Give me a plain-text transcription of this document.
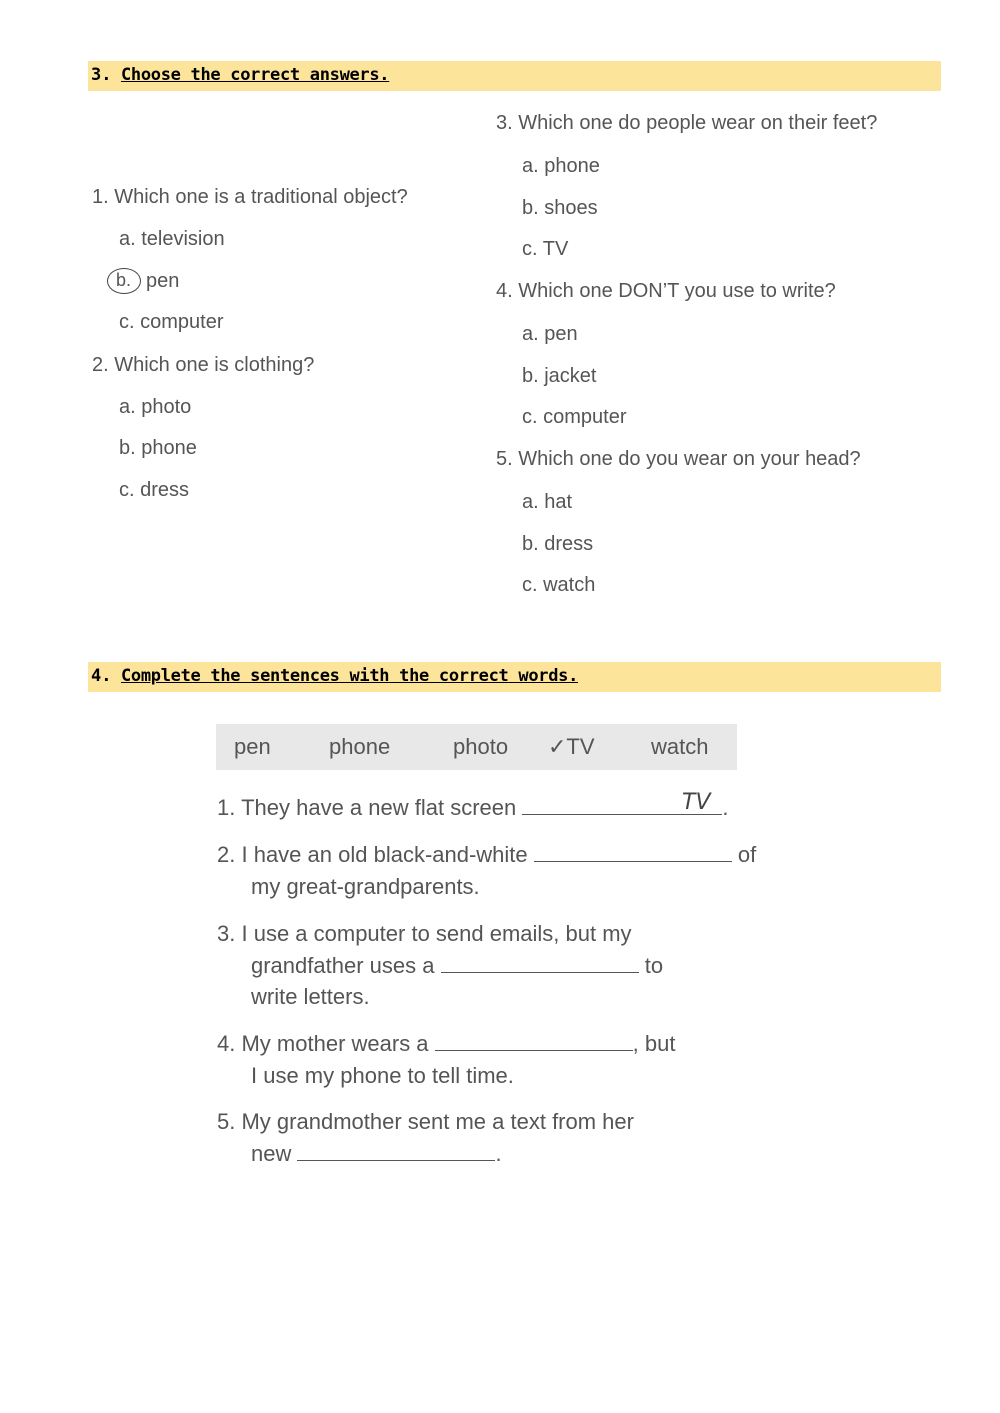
3. Choose the correct answers.
1. Which one is a traditional object?
a. television
b. pen
c. computer
2. Which one is clothing?
a. photo
b. phone
c. dress
3. Which one do people wear on their feet?
a. phone
b. shoes
c. TV
4. Which one DON’T you use to write?
a. pen
b. jacket
c. computer
5. Which one do you wear on your head?
a. hat
b. dress
c. watch
4. Complete the sentences with the correct words.
pen	phone	photo ✓TV	watch
1. They have a new flat screen	.
TV
2. I have an old black-and-white	of
my great-grandparents.
3. I use a computer to send emails, but my
grandfather uses a	to
write letters.
4. My mother wears a	, but
I use my phone to tell time.
5. My grandmother sent me a text from her
new	.
